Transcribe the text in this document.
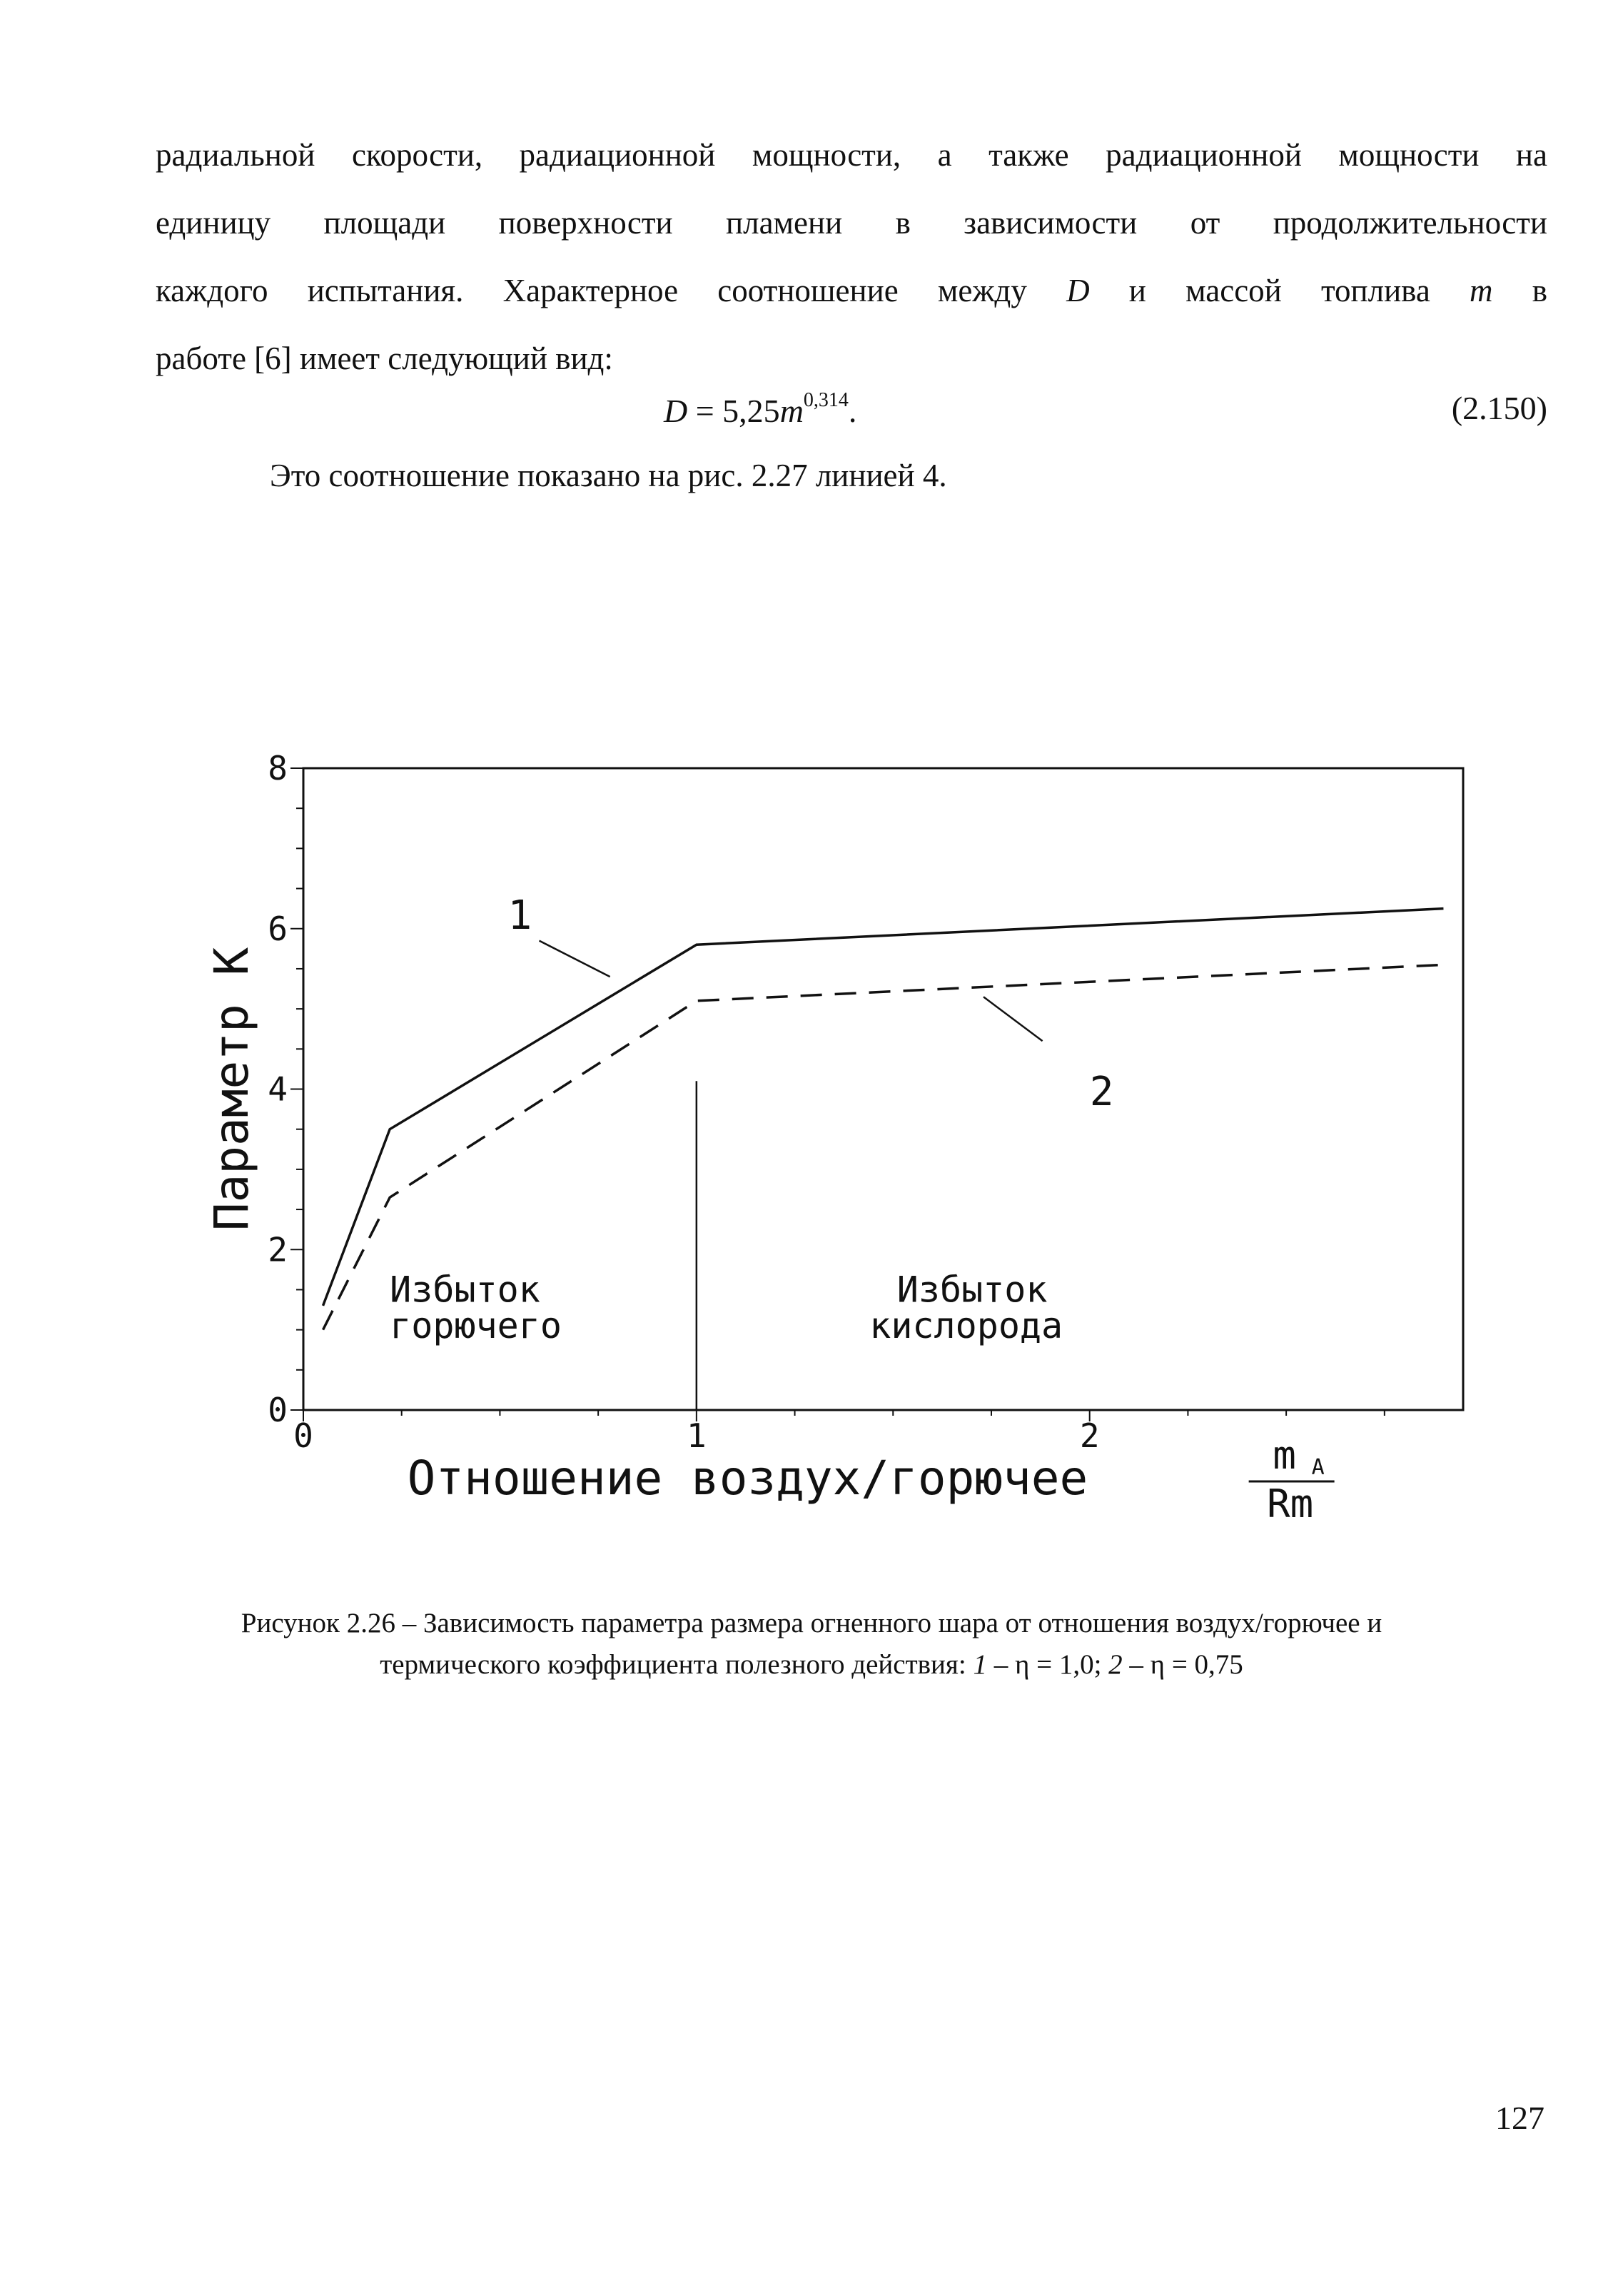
радиальной скорости, радиационной мощности, а также радиационной мощности на
единицу площади поверхности пламени в зависимости от продолжительности
каждого испытания. Характерное соотношение между D и массой топлива m в
работе [6] имеет следующий вид:
$D = 5,25m^{0,314}$.	(2.150)
Это соотношение показано на рис. 2.27 линией 4.
0
2
4
6
8
0	1	2
1
2
Избыток
горючего
Избыток
кислорода
Параметр K
Отношение воздух/горючее	m A
Rm
Рисунок 2.26 – Зависимость параметра размера огненного шара от отношения воздух/горючее и
термического коэффициента полезного действия: 1 – η = 1,0; 2 – η = 0,75
127
